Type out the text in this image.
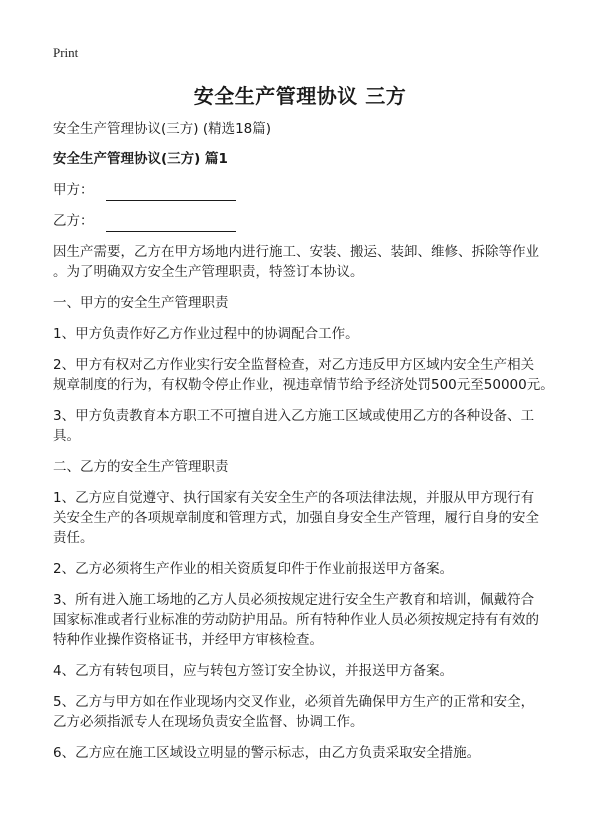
Print
安全生产管理协议 三方
安全生产管理协议(三方) (精选18篇)
安全生产管理协议(三方) 篇1
甲方：
乙方：
因生产需要，乙方在甲方场地内进行施工、安装、搬运、装卸、维修、拆除等作业
。为了明确双方安全生产管理职责，特签订本协议。
一、甲方的安全生产管理职责
1、甲方负责作好乙方作业过程中的协调配合工作。
2、甲方有权对乙方作业实行安全监督检查，对乙方违反甲方区域内安全生产相关
规章制度的行为，有权勒令停止作业，视违章情节给予经济处罚500元至50000元。
3、甲方负责教育本方职工不可擅自进入乙方施工区域或使用乙方的各种设备、工
具。
二、乙方的安全生产管理职责
1、乙方应自觉遵守、执行国家有关安全生产的各项法律法规，并服从甲方现行有
关安全生产的各项规章制度和管理方式，加强自身安全生产管理，履行自身的安全
责任。
2、乙方必须将生产作业的相关资质复印件于作业前报送甲方备案。
3、所有进入施工场地的乙方人员必须按规定进行安全生产教育和培训，佩戴符合
国家标准或者行业标准的劳动防护用品。所有特种作业人员必须按规定持有有效的
特种作业操作资格证书，并经甲方审核检查。
4、乙方有转包项目，应与转包方签订安全协议，并报送甲方备案。
5、乙方与甲方如在作业现场内交叉作业，必须首先确保甲方生产的正常和安全，
乙方必须指派专人在现场负责安全监督、协调工作。
6、乙方应在施工区域设立明显的警示标志，由乙方负责采取安全措施。
